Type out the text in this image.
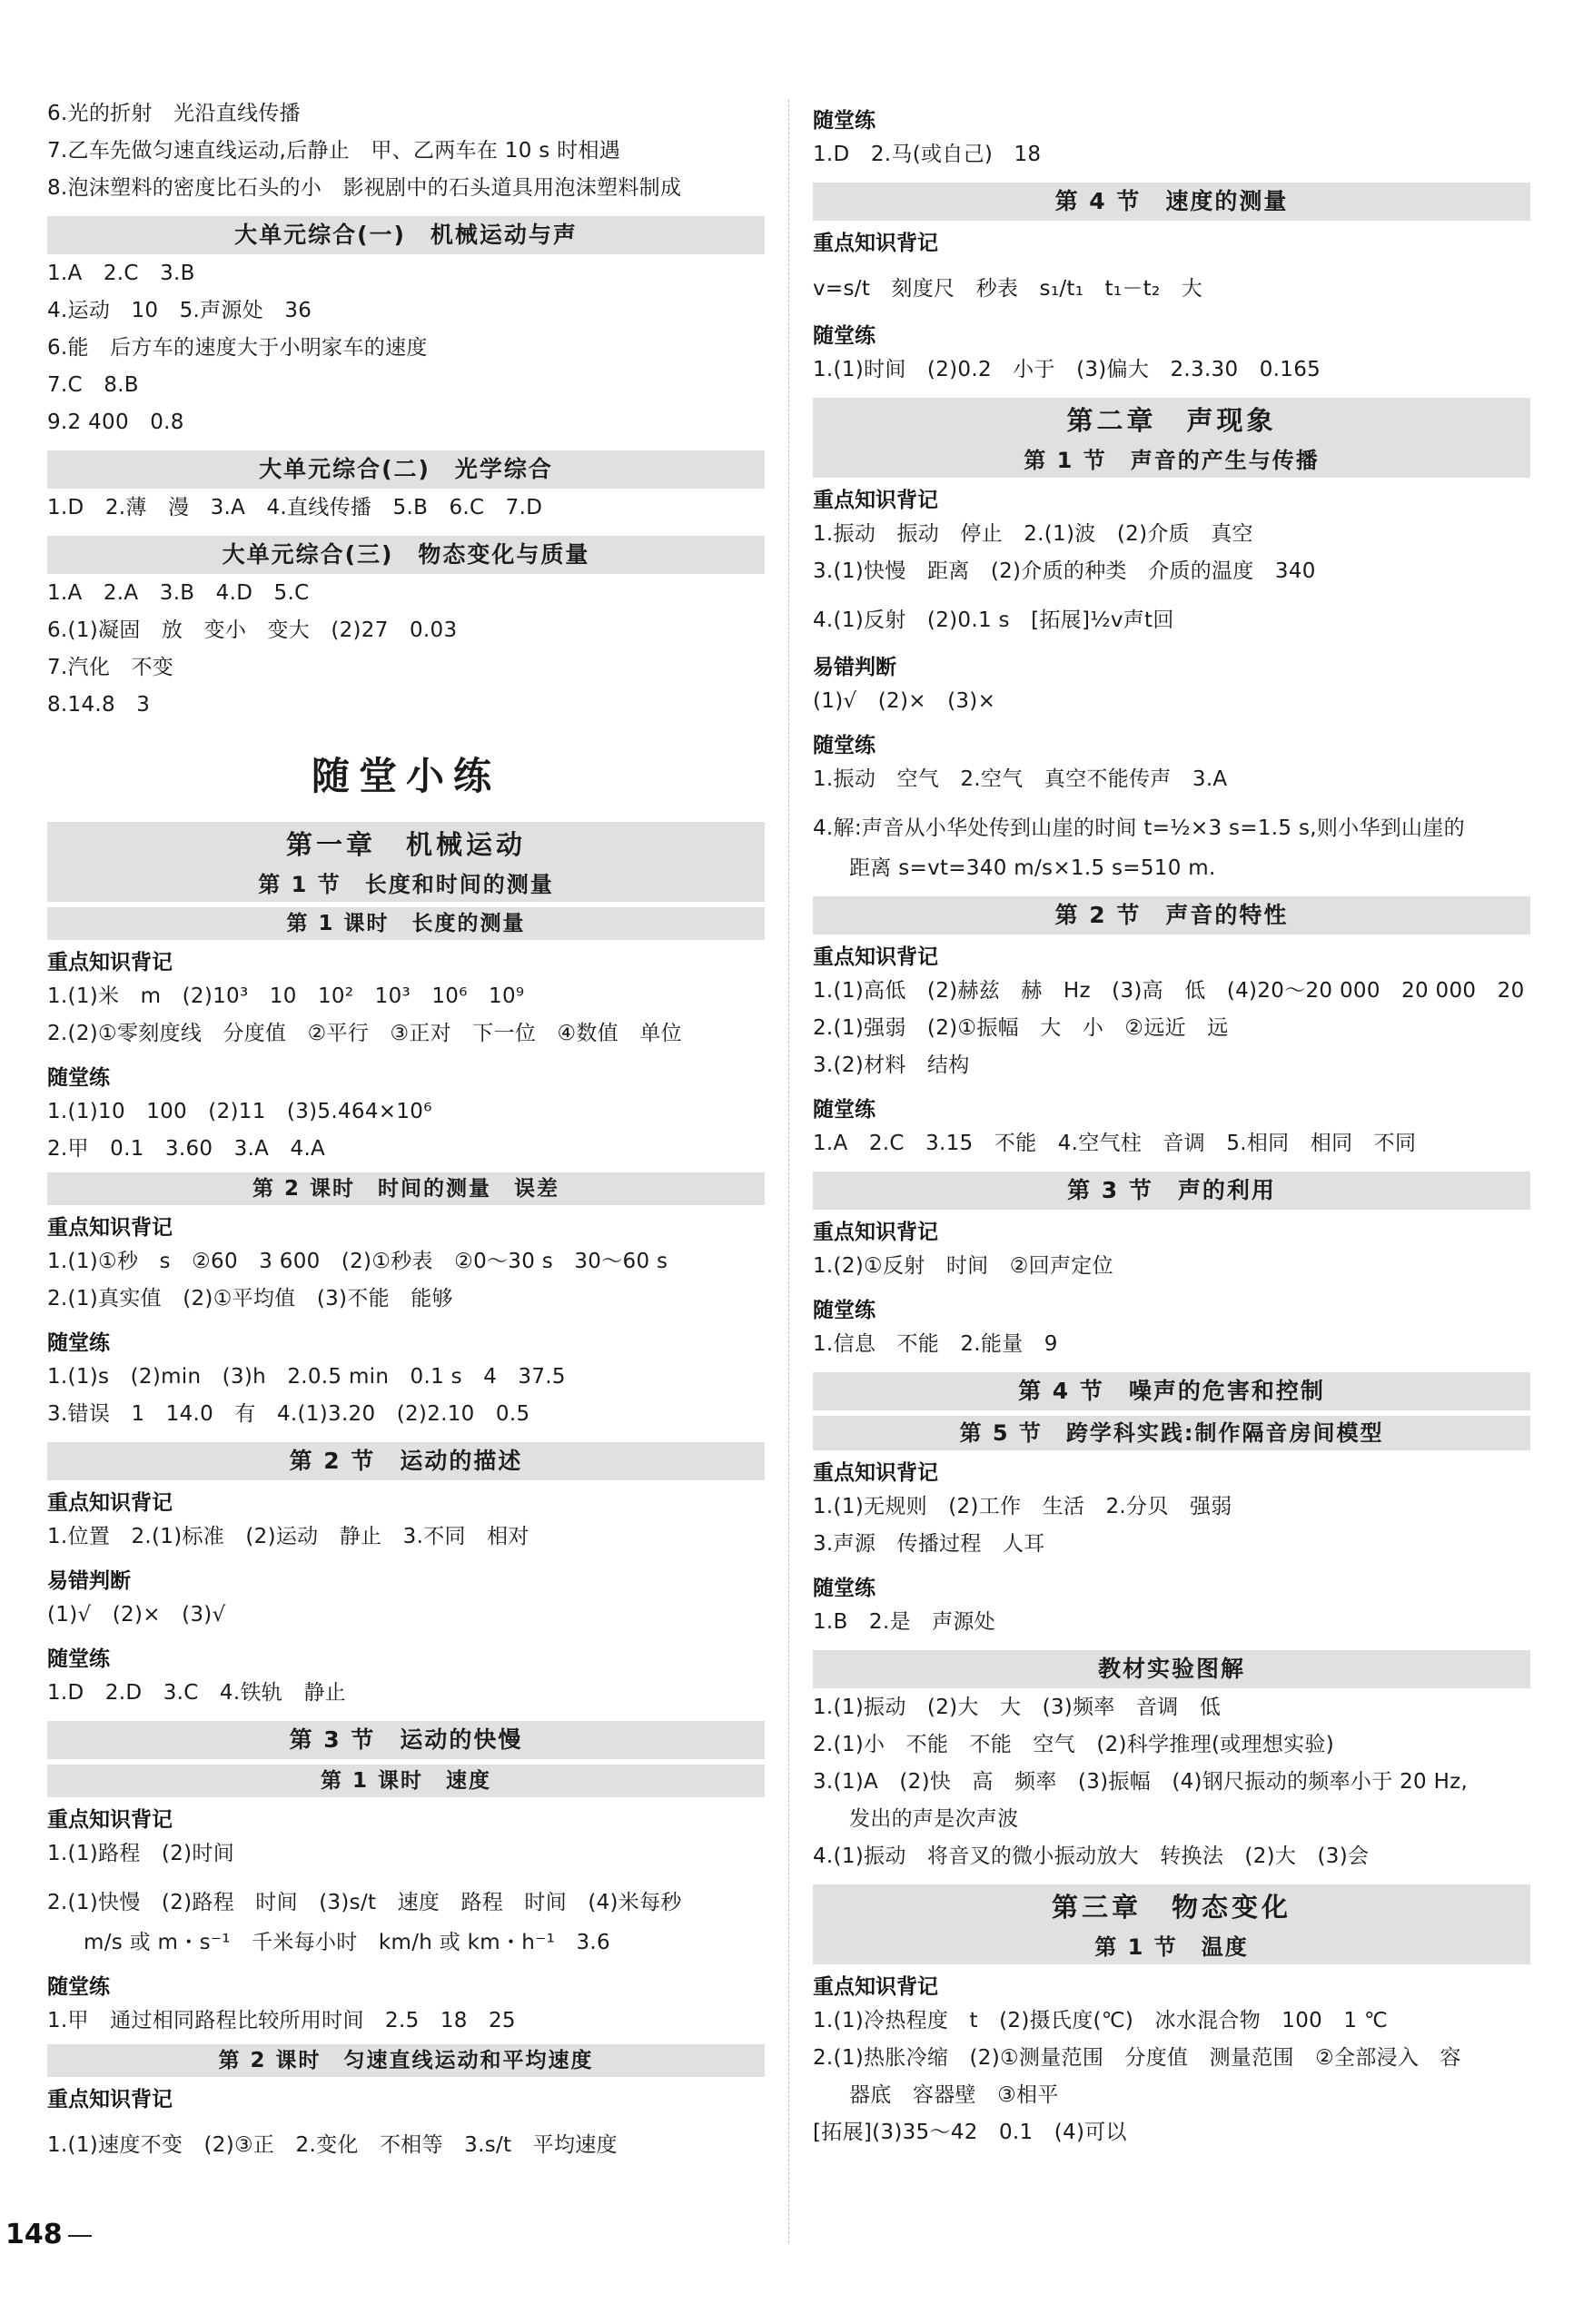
6.光的折射　光沿直线传播
7.乙车先做匀速直线运动,后静止　甲、乙两车在 10 s 时相遇
8.泡沫塑料的密度比石头的小　影视剧中的石头道具用泡沫塑料制成
大单元综合(一)　机械运动与声
1.A　2.C　3.B
4.运动　10　5.声源处　36
6.能　后方车的速度大于小明家车的速度
7.C　8.B
9.2 400　0.8
大单元综合(二)　光学综合
1.D　2.薄　漫　3.A　4.直线传播　5.B　6.C　7.D
大单元综合(三)　物态变化与质量
1.A　2.A　3.B　4.D　5.C
6.(1)凝固　放　变小　变大　(2)27　0.03
7.汽化　不变
8.14.8　3
随堂小练
第一章　机械运动
第 1 节　长度和时间的测量
第 1 课时　长度的测量
重点知识背记
1.(1)米　m　(2)10³　10　10²　10³　10⁶　10⁹
2.(2)①零刻度线　分度值　②平行　③正对　下一位　④数值　单位
随堂练
1.(1)10　100　(2)11　(3)5.464×10⁶
2.甲　0.1　3.60　3.A　4.A
第 2 课时　时间的测量　误差
重点知识背记
1.(1)①秒　s　②60　3 600　(2)①秒表　②0～30 s　30～60 s
2.(1)真实值　(2)①平均值　(3)不能　能够
随堂练
1.(1)s　(2)min　(3)h　2.0.5 min　0.1 s　4　37.5
3.错误　1　14.0　有　4.(1)3.20　(2)2.10　0.5
第 2 节　运动的描述
重点知识背记
1.位置　2.(1)标准　(2)运动　静止　3.不同　相对
易错判断
(1)√　(2)×　(3)√
随堂练
1.D　2.D　3.C　4.铁轨　静止
第 3 节　运动的快慢
第 1 课时　速度
重点知识背记
1.(1)路程　(2)时间
2.(1)快慢　(2)路程　时间　(3)s/t　速度　路程　时间　(4)米每秒
m/s 或 m・s⁻¹　千米每小时　km/h 或 km・h⁻¹　3.6
随堂练
1.甲　通过相同路程比较所用时间　2.5　18　25
第 2 课时　匀速直线运动和平均速度
重点知识背记
1.(1)速度不变　(2)③正　2.变化　不相等　3.s/t　平均速度
随堂练
1.D　2.马(或自己)　18
第 4 节　速度的测量
重点知识背记
v=s/t　刻度尺　秒表　s₁/t₁　t₁－t₂　大
随堂练
1.(1)时间　(2)0.2　小于　(3)偏大　2.3.30　0.165
第二章　声现象
第 1 节　声音的产生与传播
重点知识背记
1.振动　振动　停止　2.(1)波　(2)介质　真空
3.(1)快慢　距离　(2)介质的种类　介质的温度　340
4.(1)反射　(2)0.1 s　[拓展]½v声t回
易错判断
(1)√　(2)×　(3)×
随堂练
1.振动　空气　2.空气　真空不能传声　3.A
4.解:声音从小华处传到山崖的时间 t=½×3 s=1.5 s,则小华到山崖的
距离 s=vt=340 m/s×1.5 s=510 m.
第 2 节　声音的特性
重点知识背记
1.(1)高低　(2)赫兹　赫　Hz　(3)高　低　(4)20～20 000　20 000　20
2.(1)强弱　(2)①振幅　大　小　②远近　远
3.(2)材料　结构
随堂练
1.A　2.C　3.15　不能　4.空气柱　音调　5.相同　相同　不同
第 3 节　声的利用
重点知识背记
1.(2)①反射　时间　②回声定位
随堂练
1.信息　不能　2.能量　9
第 4 节　噪声的危害和控制
第 5 节　跨学科实践:制作隔音房间模型
重点知识背记
1.(1)无规则　(2)工作　生活　2.分贝　强弱
3.声源　传播过程　人耳
随堂练
1.B　2.是　声源处
教材实验图解
1.(1)振动　(2)大　大　(3)频率　音调　低
2.(1)小　不能　不能　空气　(2)科学推理(或理想实验)
3.(1)A　(2)快　高　频率　(3)振幅　(4)钢尺振动的频率小于 20 Hz,
发出的声是次声波
4.(1)振动　将音叉的微小振动放大　转换法　(2)大　(3)会
第三章　物态变化
第 1 节　温度
重点知识背记
1.(1)冷热程度　t　(2)摄氏度(℃)　冰水混合物　100　1 ℃
2.(1)热胀冷缩　(2)①测量范围　分度值　测量范围　②全部浸入　容
器底　容器壁　③相平
[拓展](3)35～42　0.1　(4)可以
148
